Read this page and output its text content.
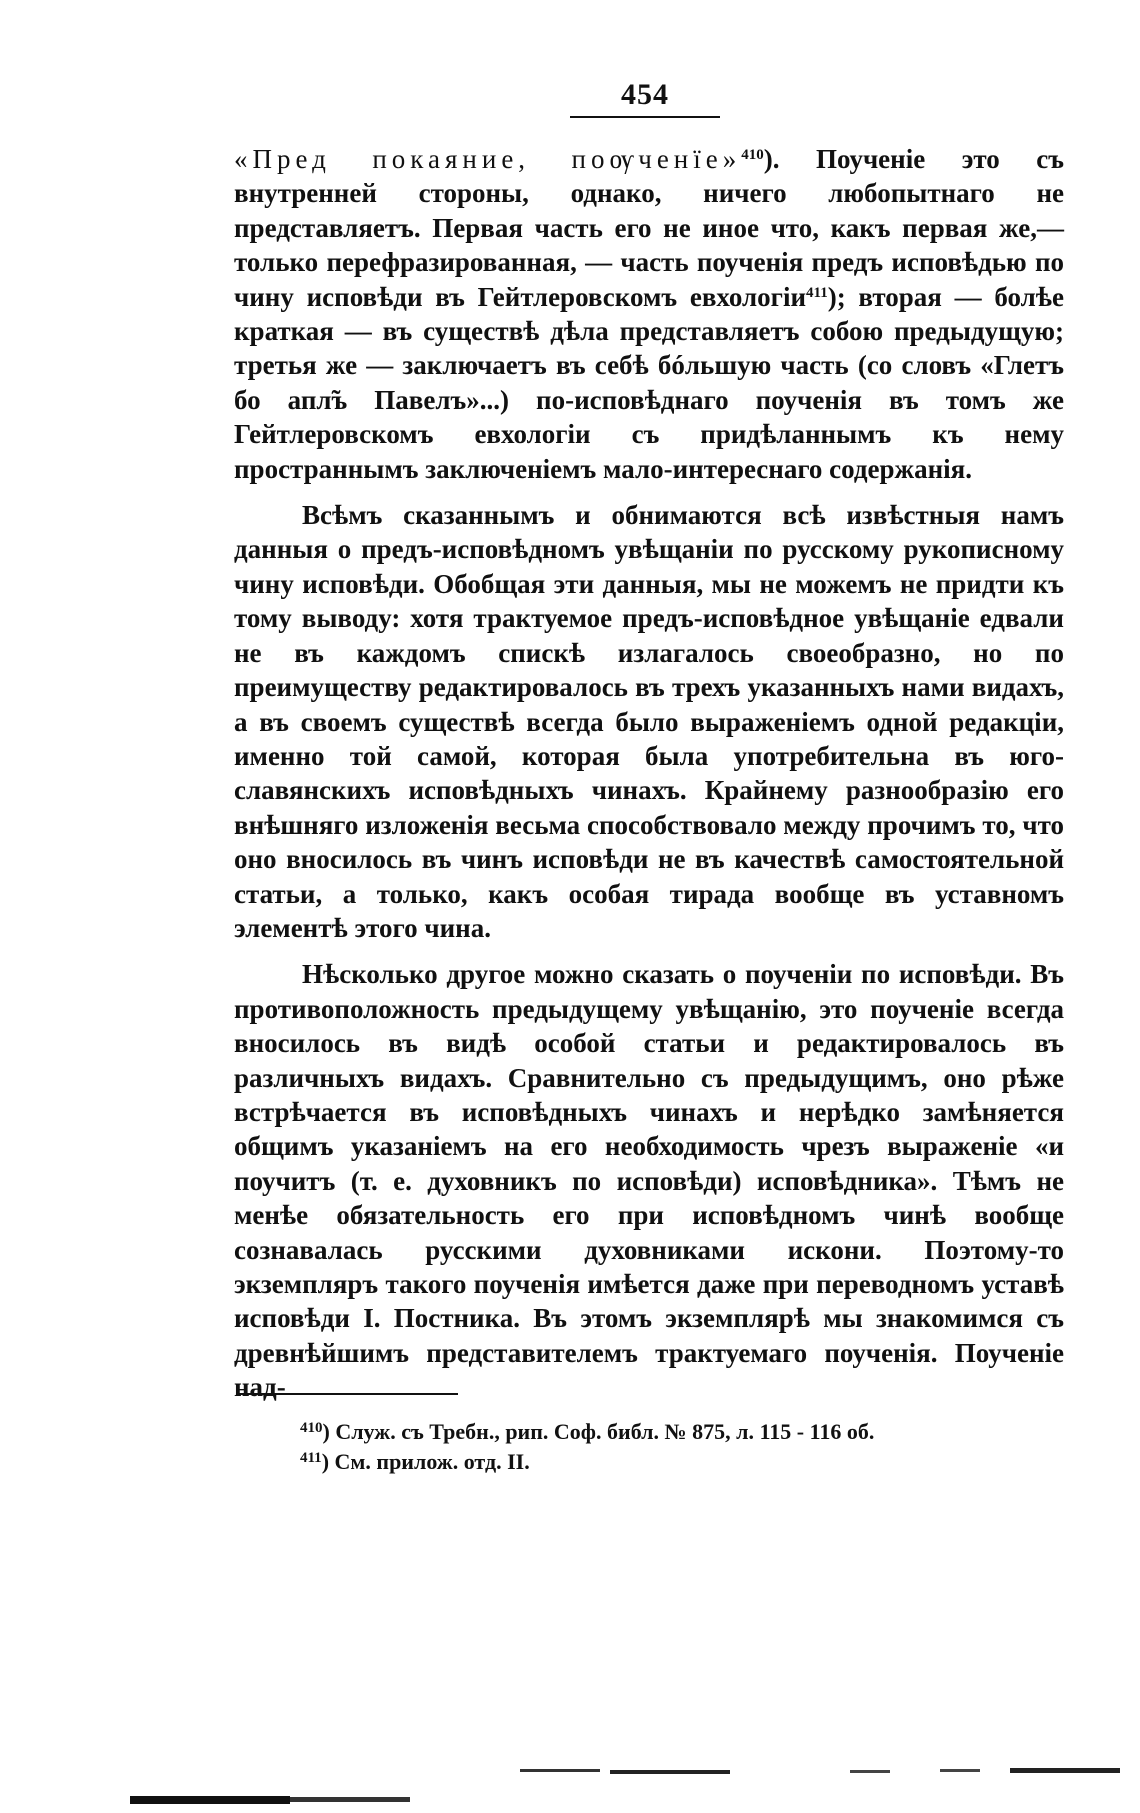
454

«Пред покаяние, поѹченїе»$^{410}$). Поученіе это съ внутренней стороны, однако, ничего любопытнаго не представляетъ. Первая часть его не иное что, какъ первая же,—только перефразированная, — часть поученія предъ исповѣдью по чину исповѣди въ Гейтлеровскомъ евхологіи$^{411}$); вторая — болѣе краткая — въ существѣ дѣла представляетъ собою предыдущую; третья же — заключаетъ въ себѣ бóльшую часть (со словъ «Глетъ бо апл̃ъ Павелъ»...) по-исповѣднаго поученія въ томъ же Гейтлеровскомъ евхологіи съ придѣланнымъ къ нему пространнымъ заключеніемъ мало-интереснаго содержанія.

Всѣмъ сказаннымъ и обнимаются всѣ извѣстныя намъ данныя о предъ-исповѣдномъ увѣщаніи по русскому рукописному чину исповѣди. Обобщая эти данныя, мы не можемъ не придти къ тому выводу: хотя трактуемое предъ-исповѣдное увѣщаніе едвали не въ каждомъ спискѣ излагалось своеобразно, но по преимуществу редактировалось въ трехъ указанныхъ нами видахъ, а въ своемъ существѣ всегда было выраженіемъ одной редакціи, именно той самой, которая была употребительна въ юго-славянскихъ исповѣдныхъ чинахъ. Крайнему разнообразію его внѣшняго изложенія весьма способствовало между прочимъ то, что оно вносилось въ чинъ исповѣди не въ качествѣ самостоятельной статьи, а только, какъ особая тирада вообще въ уставномъ элементѣ этого чина.

Нѣсколько другое можно сказать о поученіи по исповѣди. Въ противоположность предыдущему увѣщанію, это поученіе всегда вносилось въ видѣ особой статьи и редактировалось въ различныхъ видахъ. Сравнительно съ предыдущимъ, оно рѣже встрѣчается въ исповѣдныхъ чинахъ и нерѣдко замѣняется общимъ указаніемъ на его необходимость чрезъ выраженіе «и поучитъ (т. е. духовникъ по исповѣди) исповѣдника». Тѣмъ не менѣе обязательность его при исповѣдномъ чинѣ вообще сознавалась русскими духовниками искони. Поэтому-то экземпляръ такого поученія имѣется даже при переводномъ уставѣ исповѣди І. Постника. Въ этомъ экземплярѣ мы знакомимся съ древнѣйшимъ представителемъ трактуемаго поученія. Поученіе над-

$^{410}$) Служ. съ Требн., рип. Соф. библ. № 875, л. 115 - 116 об.
$^{411}$) См. прилож. отд. II.
